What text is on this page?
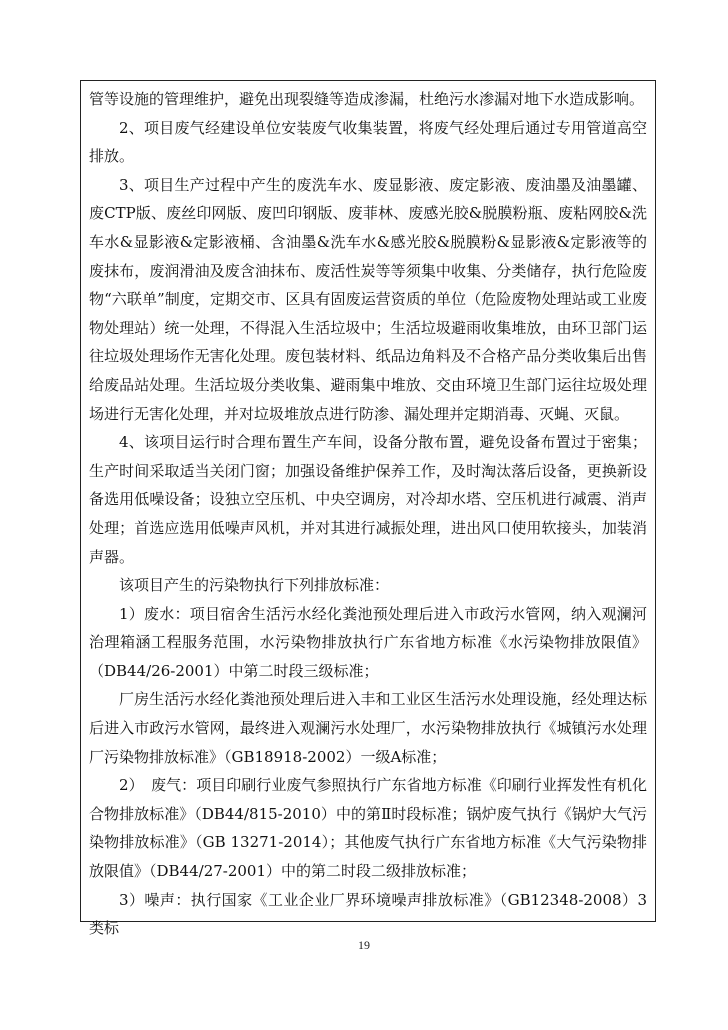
管等设施的管理维护，避免出现裂缝等造成渗漏，杜绝污水渗漏对地下水造成影响。

2、项目废气经建设单位安装废气收集装置，将废气经处理后通过专用管道高空排放。

3、项目生产过程中产生的废洗车水、废显影液、废定影液、废油墨及油墨罐、废CTP版、废丝印网版、废凹印钢版、废菲林、废感光胶&脱膜粉瓶、废粘网胶&洗车水&显影液&定影液桶、含油墨&洗车水&感光胶&脱膜粉&显影液&定影液等的废抹布，废润滑油及废含油抹布、废活性炭等等须集中收集、分类储存，执行危险废物“六联单”制度，定期交市、区具有固废运营资质的单位（危险废物处理站或工业废物处理站）统一处理，不得混入生活垃圾中；生活垃圾避雨收集堆放，由环卫部门运往垃圾处理场作无害化处理。废包装材料、纸品边角料及不合格产品分类收集后出售给废品站处理。生活垃圾分类收集、避雨集中堆放、交由环境卫生部门运往垃圾处理场进行无害化处理，并对垃圾堆放点进行防渗、漏处理并定期消毒、灭蝇、灭鼠。

4、该项目运行时合理布置生产车间，设备分散布置，避免设备布置过于密集；生产时间采取适当关闭门窗；加强设备维护保养工作，及时淘汰落后设备，更换新设备选用低噪设备；设独立空压机、中央空调房，对冷却水塔、空压机进行减震、消声处理；首选应选用低噪声风机，并对其进行减振处理，进出风口使用软接头，加装消声器。

该项目产生的污染物执行下列排放标准：

1）废水：项目宿舍生活污水经化粪池预处理后进入市政污水管网，纳入观澜河治理箱涵工程服务范围，水污染物排放执行广东省地方标准《水污染物排放限值》（DB44/26-2001）中第二时段三级标准；

厂房生活污水经化粪池预处理后进入丰和工业区生活污水处理设施，经处理达标后进入市政污水管网，最终进入观澜污水处理厂，水污染物排放执行《城镇污水处理厂污染物排放标准》（GB18918-2002）一级A标准；

2）　废气：项目印刷行业废气参照执行广东省地方标准《印刷行业挥发性有机化合物排放标准》（DB44/815-2010）中的第Ⅱ时段标准；锅炉废气执行《锅炉大气污染物排放标准》（GB 13271-2014）；其他废气执行广东省地方标准《大气污染物排放限值》（DB44/27-2001）中的第二时段二级排放标准；

3）噪声：执行国家《工业企业厂界环境噪声排放标准》（GB12348-2008）3 类标

19
